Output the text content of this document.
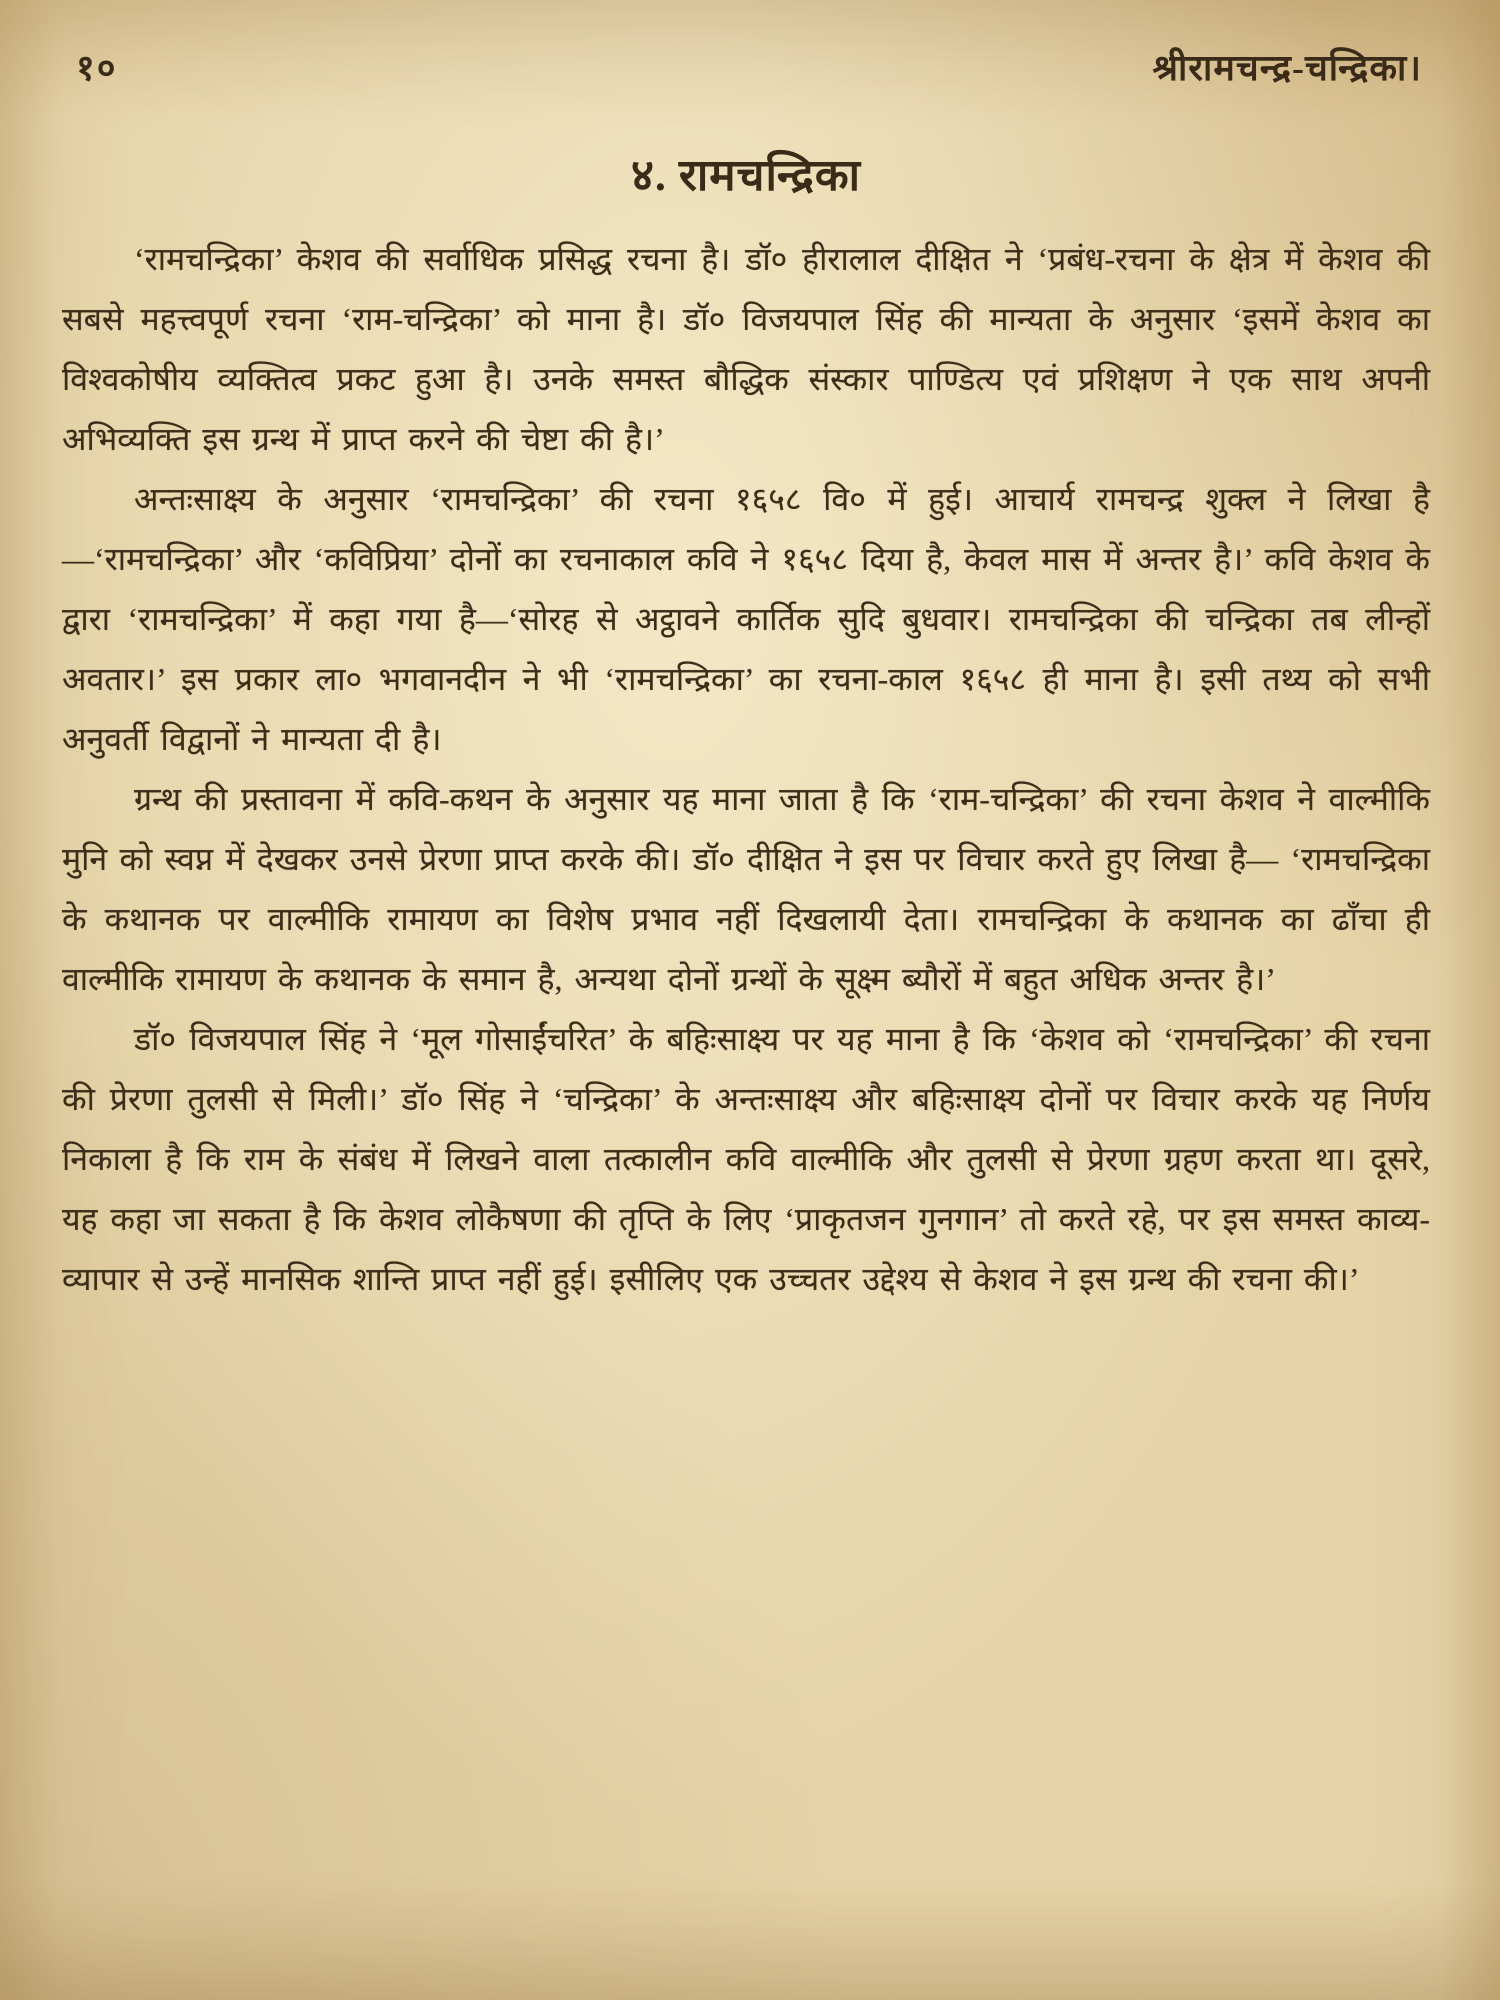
१०	श्रीरामचन्द्र-चन्द्रिका।
४. रामचन्द्रिका

‘रामचन्द्रिका’ केशव की सर्वाधिक प्रसिद्ध रचना है। डॉ० हीरालाल दीक्षित ने ‘प्रबंध-रचना के क्षेत्र में केशव की सबसे महत्त्वपूर्ण रचना ‘राम-चन्द्रिका’ को माना है। डॉ० विजयपाल सिंह की मान्यता के अनुसार ‘इसमें केशव का विश्वकोषीय व्यक्तित्व प्रकट हुआ है। उनके समस्त बौद्धिक संस्कार पाण्डित्य एवं प्रशिक्षण ने एक साथ अपनी अभिव्यक्ति इस ग्रन्थ में प्राप्त करने की चेष्टा की है।’

अन्तःसाक्ष्य के अनुसार ‘रामचन्द्रिका’ की रचना १६५८ वि० में हुई। आचार्य रामचन्द्र शुक्ल ने लिखा है—‘रामचन्द्रिका’ और ‘कविप्रिया’ दोनों का रचनाकाल कवि ने १६५८ दिया है, केवल मास में अन्तर है।’ कवि केशव के द्वारा ‘रामचन्द्रिका’ में कहा गया है—‘सोरह से अट्ठावने कार्तिक सुदि बुधवार। रामचन्द्रिका की चन्द्रिका तब लीन्हों अवतार।’ इस प्रकार ला० भगवानदीन ने भी ‘रामचन्द्रिका’ का रचना-काल १६५८ ही माना है। इसी तथ्य को सभी अनुवर्ती विद्वानों ने मान्यता दी है।

ग्रन्थ की प्रस्तावना में कवि-कथन के अनुसार यह माना जाता है कि ‘राम-चन्द्रिका’ की रचना केशव ने वाल्मीकि मुनि को स्वप्न में देखकर उनसे प्रेरणा प्राप्त करके की। डॉ० दीक्षित ने इस पर विचार करते हुए लिखा है— ‘रामचन्द्रिका के कथानक पर वाल्मीकि रामायण का विशेष प्रभाव नहीं दिखलायी देता। रामचन्द्रिका के कथानक का ढाँचा ही वाल्मीकि रामायण के कथानक के समान है, अन्यथा दोनों ग्रन्थों के सूक्ष्म ब्यौरों में बहुत अधिक अन्तर है।’

डॉ० विजयपाल सिंह ने ‘मूल गोसाईंचरित’ के बहिःसाक्ष्य पर यह माना है कि ‘केशव को ‘रामचन्द्रिका’ की रचना की प्रेरणा तुलसी से मिली।’ डॉ० सिंह ने ‘चन्द्रिका’ के अन्तःसाक्ष्य और बहिःसाक्ष्य दोनों पर विचार करके यह निर्णय निकाला है कि राम के संबंध में लिखने वाला तत्कालीन कवि वाल्मीकि और तुलसी से प्रेरणा ग्रहण करता था। दूसरे, यह कहा जा सकता है कि केशव लोकैषणा की तृप्ति के लिए ‘प्राकृतजन गुनगान’ तो करते रहे, पर इस समस्त काव्य-व्यापार से उन्हें मानसिक शान्ति प्राप्त नहीं हुई। इसीलिए एक उच्चतर उद्देश्य से केशव ने इस ग्रन्थ की रचना की।’
